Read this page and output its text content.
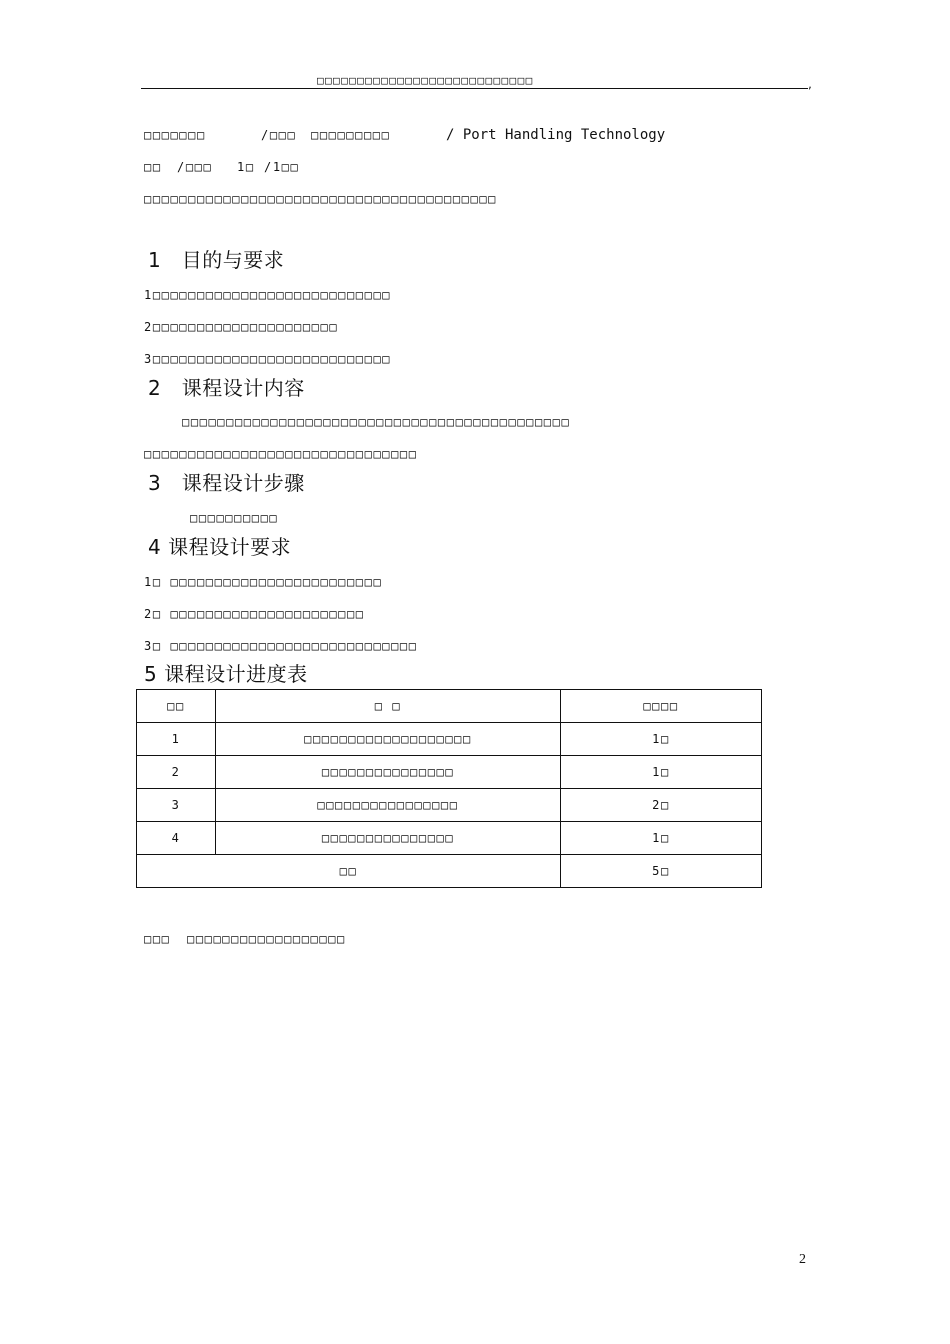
□□□□□□□□□□□□□□□□□□□□□□□□□□□	,
□□□□□□□	/□□□ □□□□□□□□□	/ Port Handling Technology
□□ /□□□ 1□ /1□□
□□□□□□□□□□□□□□□□□□□□□□□□□□□□□□□□□□□□□□□□
1　目的与要求
1□□□□□□□□□□□□□□□□□□□□□□□□□□□
2□□□□□□□□□□□□□□□□□□□□□
3□□□□□□□□□□□□□□□□□□□□□□□□□□□
2　课程设计内容
□□□□□□□□□□□□□□□□□□□□□□□□□□□□□□□□□□□□□□□□□□□□
□□□□□□□□□□□□□□□□□□□□□□□□□□□□□□□
3　课程设计步骤
□□□□□□□□□□
4 课程设计要求
1□ □□□□□□□□□□□□□□□□□□□□□□□□
2□ □□□□□□□□□□□□□□□□□□□□□□
3□ □□□□□□□□□□□□□□□□□□□□□□□□□□□□
5 课程设计进度表
□□	□ □	□□□□
1	□□□□□□□□□□□□□□□□□□□	1□
2	□□□□□□□□□□□□□□□	1□
3	□□□□□□□□□□□□□□□□	2□
4	□□□□□□□□□□□□□□□	1□
□□		5□
□□□ □□□□□□□□□□□□□□□□□□
2
